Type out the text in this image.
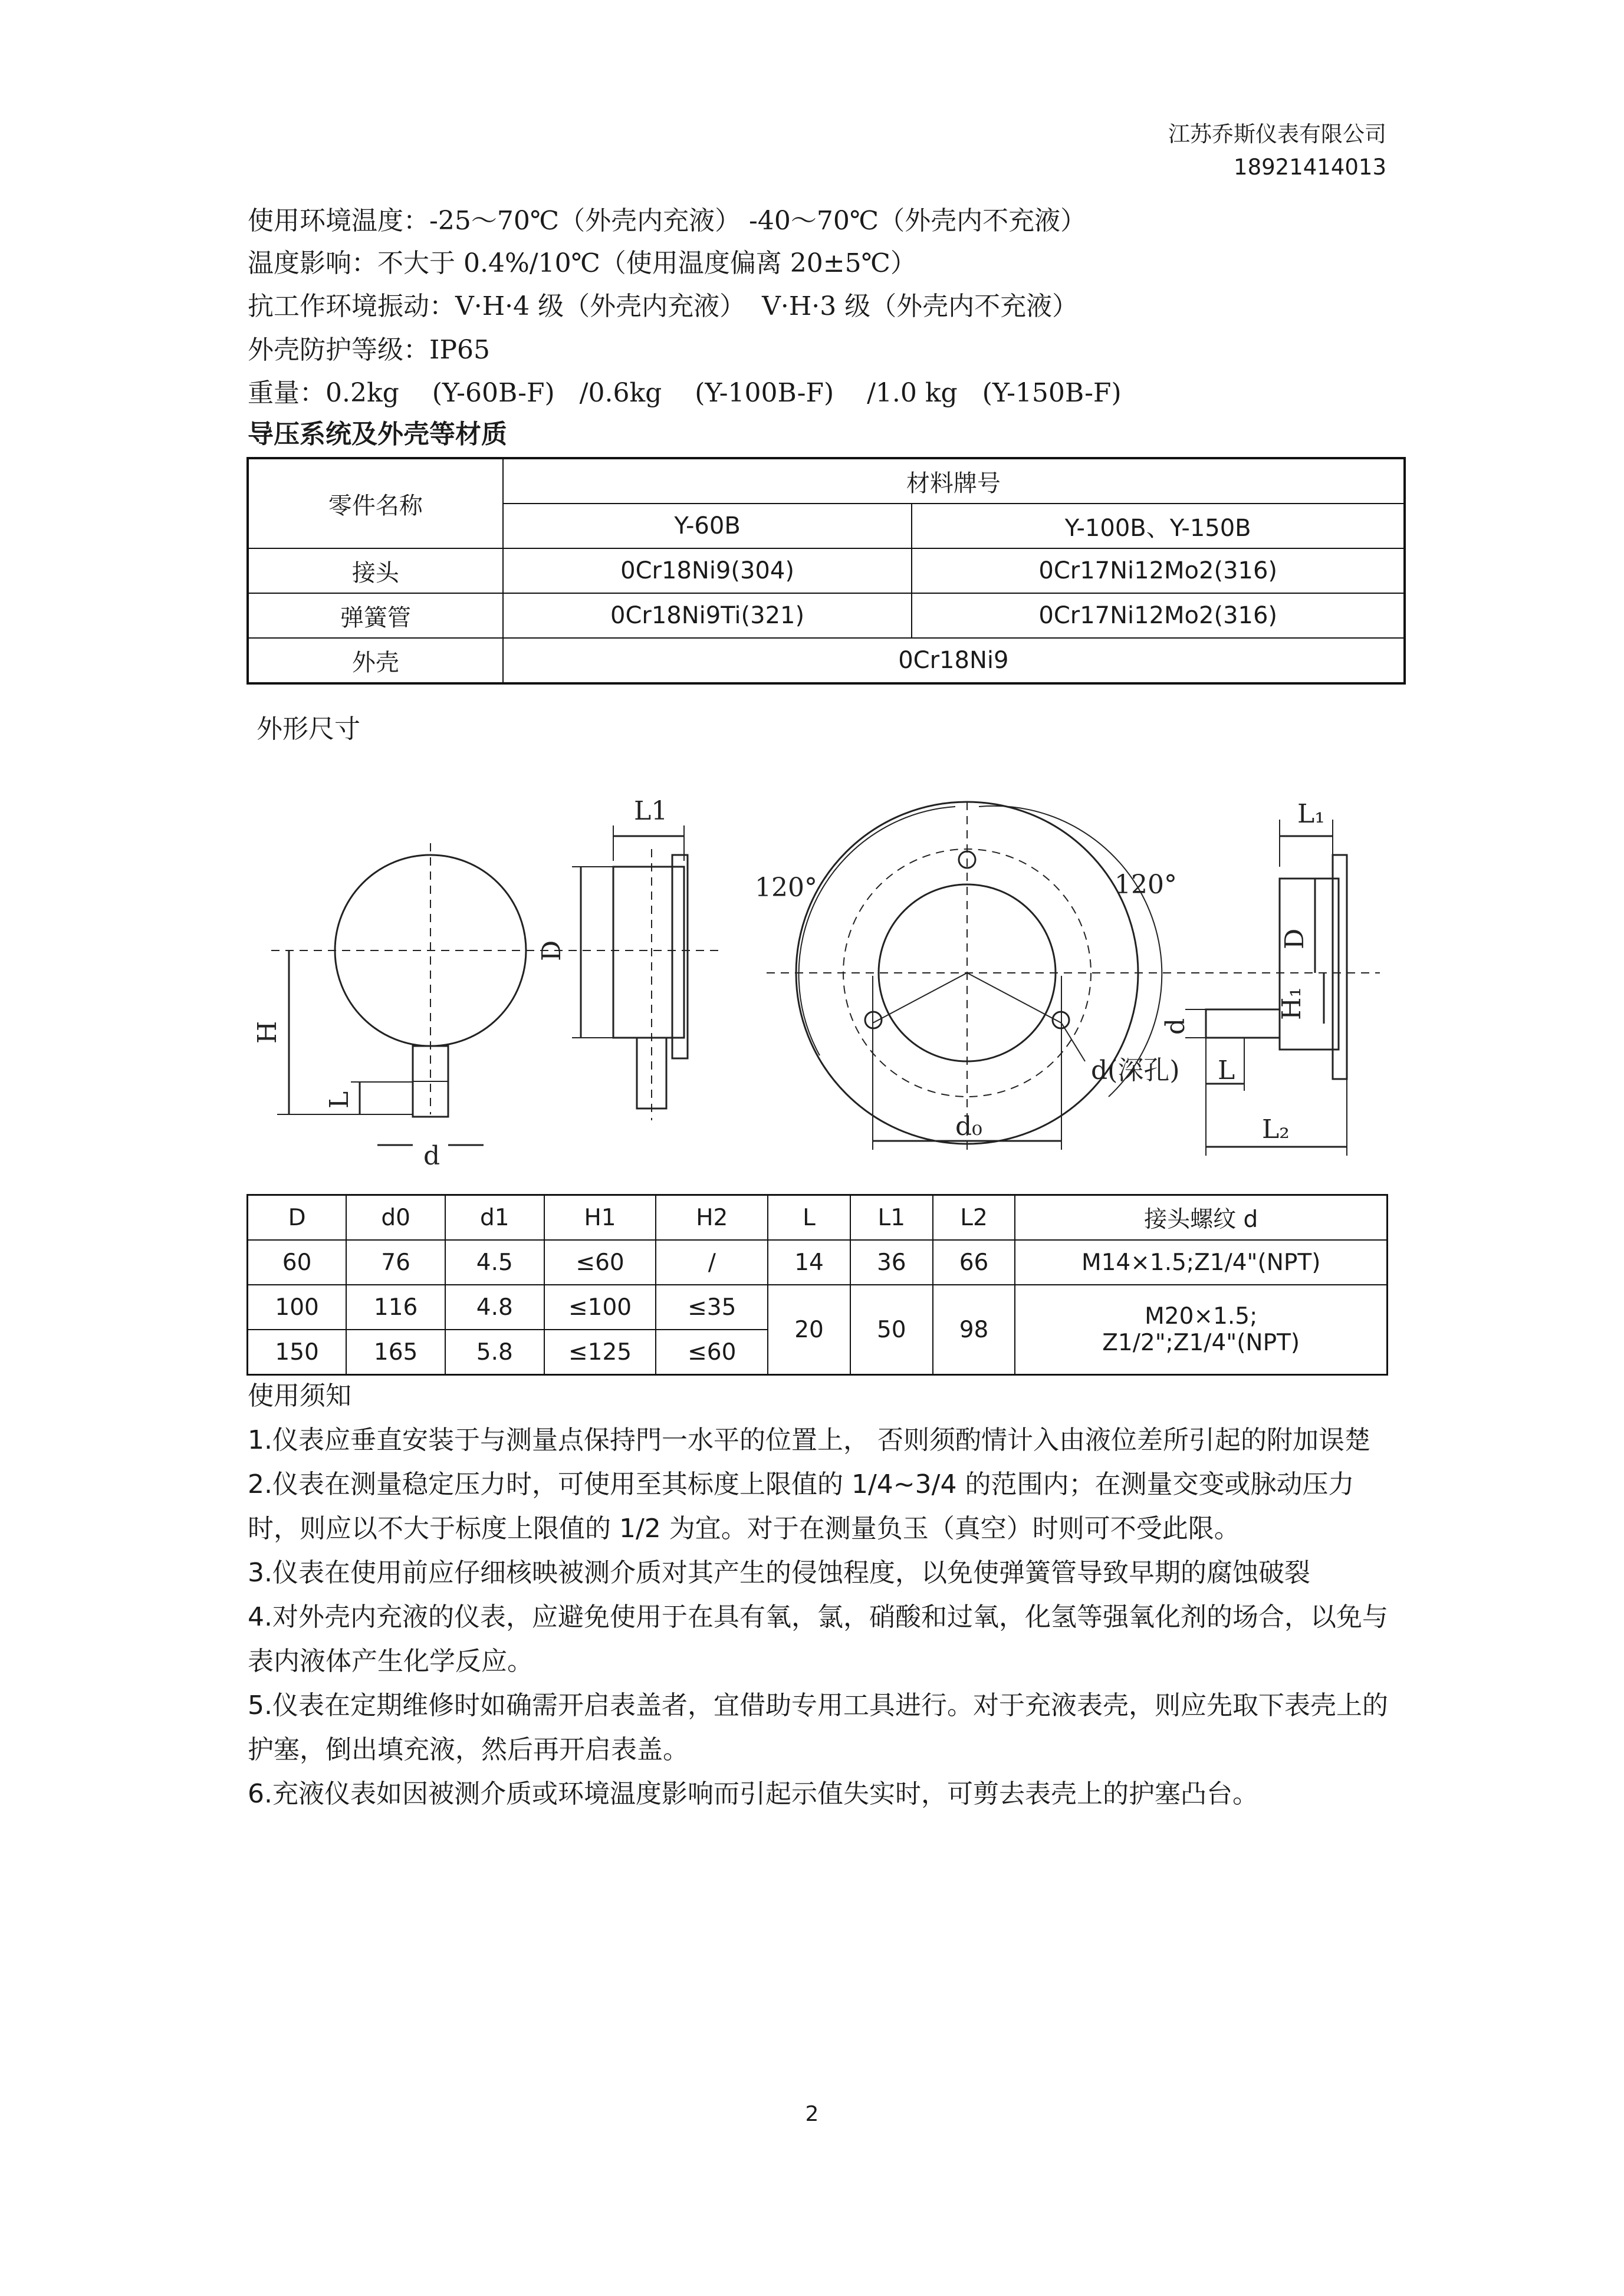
江苏乔斯仪表有限公司
18921414013
使用环境温度：-25～70℃（外壳内充液） -40～70℃（外壳内不充液）
温度影响：不大于 0.4%/10℃（使用温度偏离 20±5℃）
抗工作环境振动：V·H·4 级（外壳内充液）  V·H·3 级（外壳内不充液）
外壳防护等级：IP65
重量：0.2kg    (Y-60B-F)   /0.6kg    (Y-100B-F)    /1.0 kg   (Y-150B-F)
导压系统及外壳等材质
零件名称	材料牌号	
	Y-60B	Y-100B、Y-150B
接头	0Cr18Ni9(304)	0Cr17Ni12Mo2(316)
弹簧管	0Cr18Ni9Ti(321)	0Cr17Ni12Mo2(316)
外壳	0Cr18Ni9	
外形尺寸
L1
D
H
L
d
120°	120°
d(深孔)
d₀
L₁
D
H₁
d
L
L₂
D	d0	d1	H1	H2	L	L1	L2	接头螺纹 d
60	76	4.5	≤60	/	14	36	66	M14×1.5;Z1/4"(NPT)
100	116	4.8	≤100	≤35	20	50	98	M20×1.5;
Z1/2";Z1/4"(NPT)

150	165	5.8	≤125	≤60				

使用须知

1.仪表应垂直安装于与测量点保持門一水平的位置上， 否则须酌情计入由液位差所引起的附加误楚

2.仪表在测量稳定压力时，可使用至其标度上限值的 1/4~3/4 的范围内；在测量交变或脉动压力时，则应以不大于标度上限值的 1/2 为宜。对于在测量负玉（真空）时则可不受此限。

3.仪表在使用前应仔细核映被测介质对其产生的侵蚀程度，以免使弹簧管导致早期的腐蚀破裂

4.对外壳内充液的仪表，应避免使用于在具有氧，氯，硝酸和过氧，化氢等强氧化剂的场合，以免与表内液体产生化学反应。

5.仪表在定期维修时如确需开启表盖者，宜借助专用工具进行。对于充液表壳，则应先取下表壳上的护塞，倒出填充液，然后再开启表盖。

6.充液仪表如因被测介质或环境温度影响而引起示值失实时，可剪去表壳上的护塞凸台。

2
